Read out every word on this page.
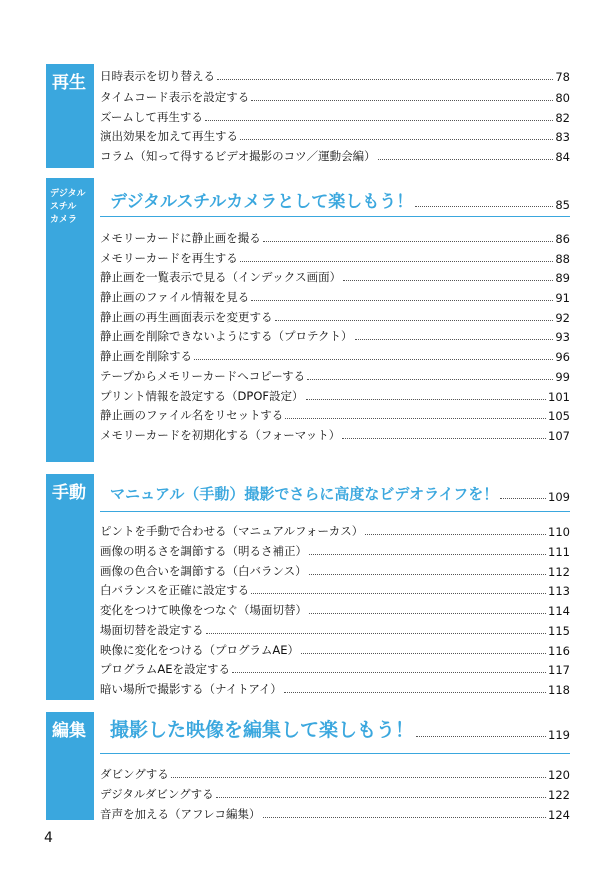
再生
デジタル
スチル
カメラ
手動
編集
日時表示を切り替える	78
タイムコード表示を設定する	80
ズームして再生する	82
演出効果を加えて再生する	83
コラム（知って得するビデオ撮影のコツ／運動会編）	84
デジタルスチルカメラとして楽しもう！	85
メモリーカードに静止画を撮る	86
メモリーカードを再生する	88
静止画を一覧表示で見る（インデックス画面）	89
静止画のファイル情報を見る	91
静止画の再生画面表示を変更する	92
静止画を削除できないようにする（プロテクト）	93
静止画を削除する	96
テープからメモリーカードへコピーする	99
プリント情報を設定する（DPOF設定）	101
静止画のファイル名をリセットする	105
メモリーカードを初期化する（フォーマット）	107
マニュアル（手動）撮影でさらに高度なビデオライフを！	109
ピントを手動で合わせる（マニュアルフォーカス）	110
画像の明るさを調節する（明るさ補正）	111
画像の色合いを調節する（白バランス）	112
白バランスを正確に設定する	113
変化をつけて映像をつなぐ（場面切替）	114
場面切替を設定する	115
映像に変化をつける（プログラムAE）	116
プログラムAEを設定する	117
暗い場所で撮影する（ナイトアイ）	118
撮影した映像を編集して楽しもう！	119
ダビングする	120
デジタルダビングする	122
音声を加える（アフレコ編集）	124
4
